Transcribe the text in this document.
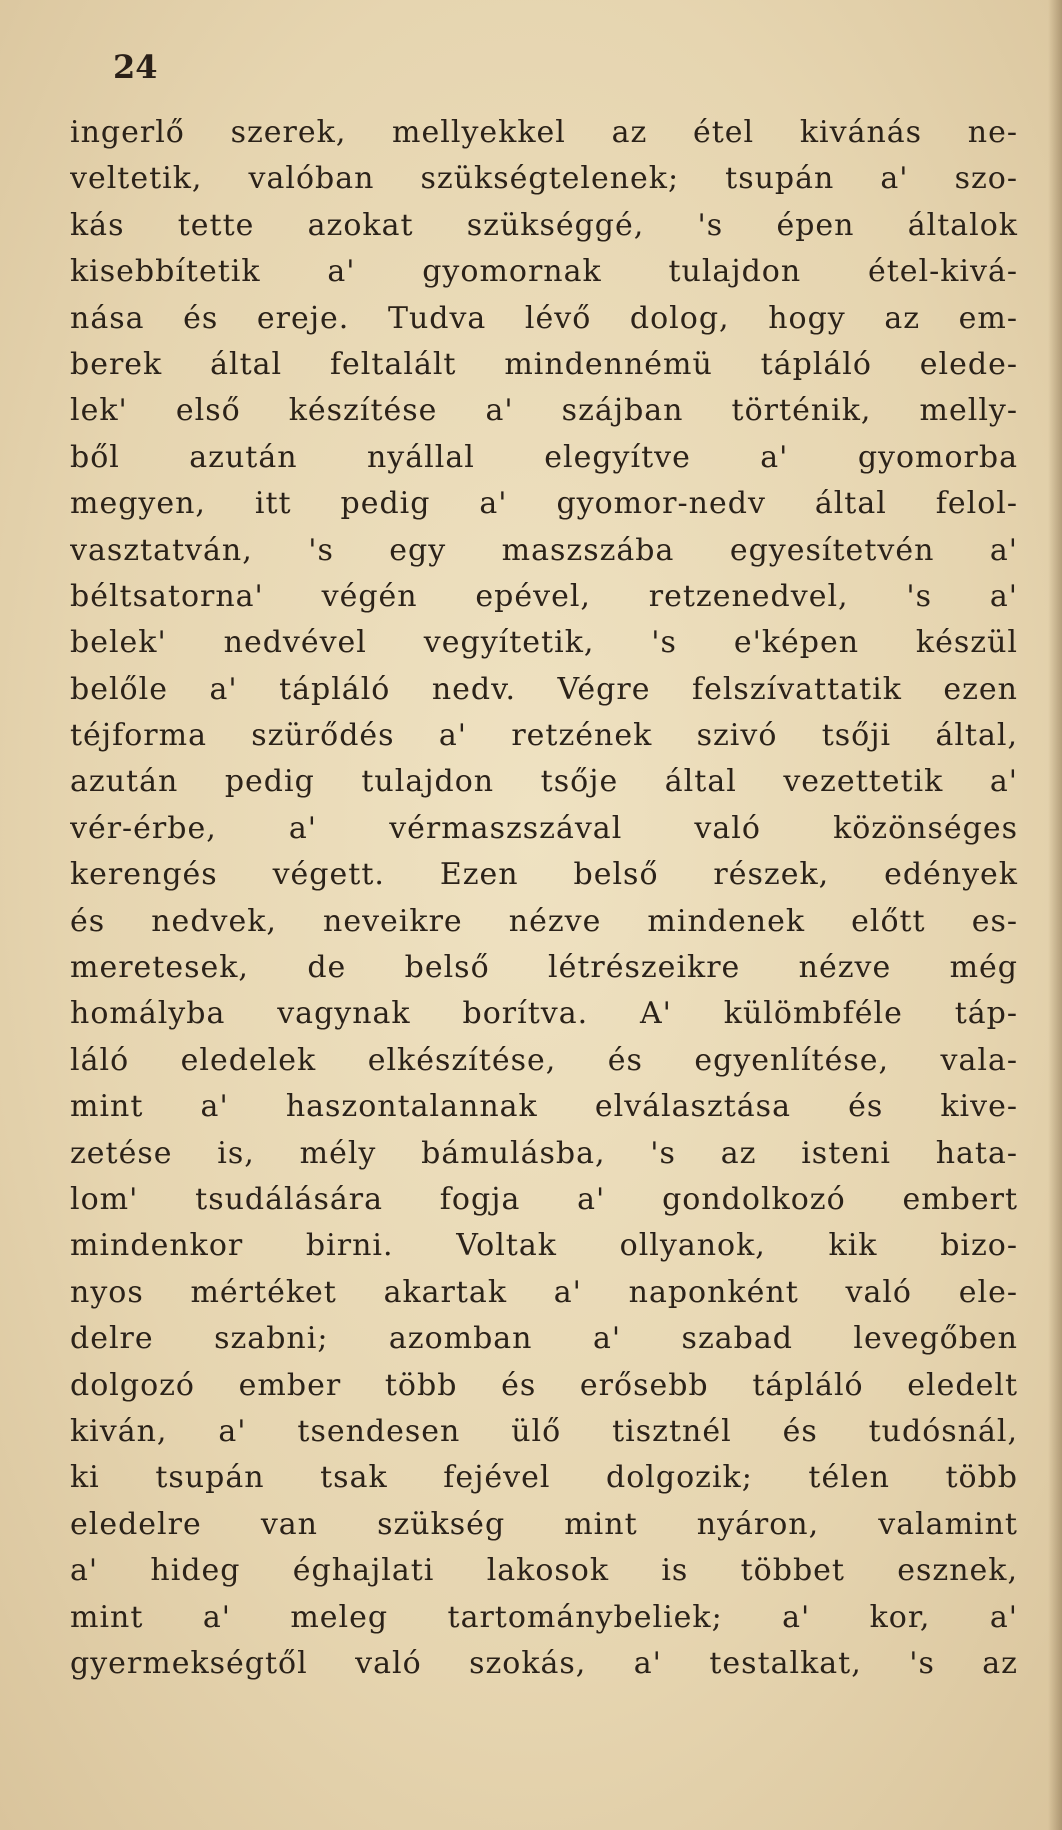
24

ingerlő szerek, mellyekkel az étel kivánás ne-
veltetik, valóban szükségtelenek; tsupán a' szo-
kás tette azokat szükséggé, 's épen általok
kisebbítetik a' gyomornak tulajdon étel-kivá-
nása és ereje. Tudva lévő dolog, hogy az em-
berek által feltalált mindennémü tápláló elede-
lek' első készítése a' szájban történik, melly-
ből azután nyállal elegyítve a' gyomorba
megyen, itt pedig a' gyomor-nedv által felol-
vasztatván, 's egy maszszába egyesítetvén a'
béltsatorna' végén epével, retzenedvel, 's a'
belek' nedvével vegyítetik, 's e'képen készül
belőle a' tápláló nedv. Végre felszívattatik ezen
téjforma szürődés a' retzének szivó tsőji által,
azután pedig tulajdon tsője által vezettetik a'
vér-érbe, a' vérmaszszával való közönséges
kerengés végett. Ezen belső részek, edények
és nedvek, neveikre nézve mindenek előtt es-
meretesek, de belső létrészeikre nézve még
homályba vagynak borítva. A' külömbféle táp-
láló eledelek elkészítése, és egyenlítése, vala-
mint a' haszontalannak elválasztása és kive-
zetése is, mély bámulásba, 's az isteni hata-
lom' tsudálására fogja a' gondolkozó embert
mindenkor birni. Voltak ollyanok, kik bizo-
nyos mértéket akartak a' naponként való ele-
delre szabni; azomban a' szabad levegőben
dolgozó ember több és erősebb tápláló eledelt
kiván, a' tsendesen ülő tisztnél és tudósnál,
ki tsupán tsak fejével dolgozik; télen több
eledelre van szükség mint nyáron, valamint
a' hideg éghajlati lakosok is többet esznek,
mint a' meleg tartománybeliek; a' kor, a'
gyermekségtől való szokás, a' testalkat, 's az
